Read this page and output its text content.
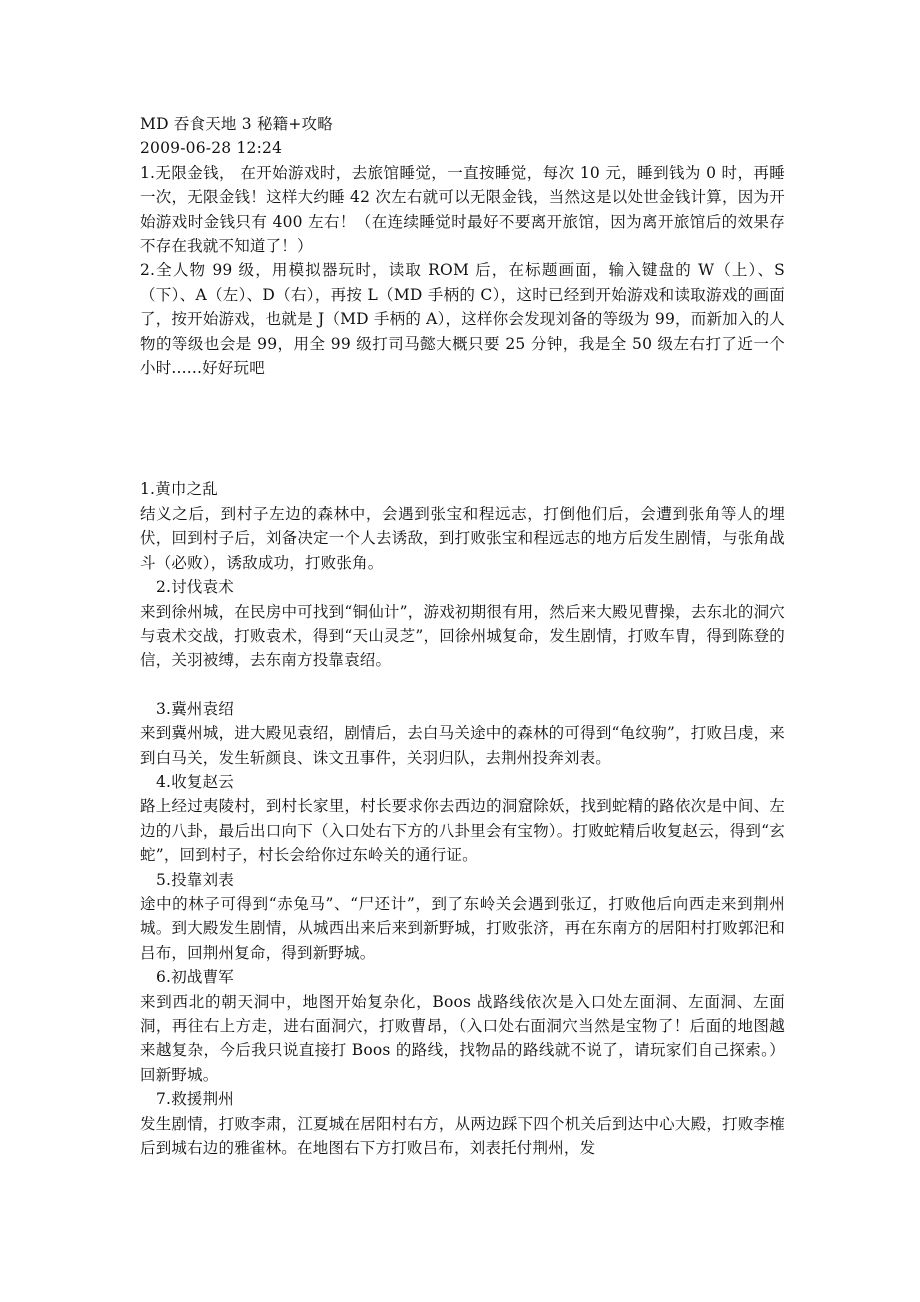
MD 吞食天地 3 秘籍+攻略
2009-06-28 12:24
1.无限金钱， 在开始游戏时，去旅馆睡觉，一直按睡觉，每次 10 元，睡到钱为 0 时，再睡一次，无限金钱！这样大约睡 42 次左右就可以无限金钱，当然这是以处世金钱计算，因为开始游戏时金钱只有 400 左右！（在连续睡觉时最好不要离开旅馆，因为离开旅馆后的效果存不存在我就不知道了！）
2.全人物 99 级，用模拟器玩时，读取 ROM 后，在标题画面，输入键盘的 W（上）、S（下）、A（左）、D（右），再按 L（MD 手柄的 C），这时已经到开始游戏和读取游戏的画面了，按开始游戏，也就是 J（MD 手柄的 A），这样你会发现刘备的等级为 99，而新加入的人物的等级也会是 99，用全 99 级打司马懿大概只要 25 分钟，我是全 50 级左右打了近一个小时......好好玩吧
1.黄巾之乱
结义之后，到村子左边的森林中，会遇到张宝和程远志，打倒他们后，会遭到张角等人的埋伏，回到村子后，刘备决定一个人去诱敌，到打败张宝和程远志的地方后发生剧情，与张角战斗（必败），诱敌成功，打败张角。
2.讨伐袁术
来到徐州城，在民房中可找到“铜仙计”，游戏初期很有用，然后来大殿见曹操，去东北的洞穴与袁术交战，打败袁术，得到“天山灵芝”，回徐州城复命，发生剧情，打败车胄，得到陈登的信，关羽被缚，去东南方投靠袁绍。
3.冀州袁绍
来到冀州城，进大殿见袁绍，剧情后，去白马关途中的森林的可得到“龟纹驹”，打败吕虔，来到白马关，发生斩颜良、诛文丑事件，关羽归队，去荆州投奔刘表。
4.收复赵云
路上经过夷陵村，到村长家里，村长要求你去西边的洞窟除妖，找到蛇精的路依次是中间、左边的八卦，最后出口向下（入口处右下方的八卦里会有宝物）。打败蛇精后收复赵云，得到“玄蛇”，回到村子，村长会给你过东岭关的通行证。
5.投靠刘表
途中的林子可得到“赤兔马”、“尸还计”，到了东岭关会遇到张辽，打败他后向西走来到荆州城。到大殿发生剧情，从城西出来后来到新野城，打败张济，再在东南方的居阳村打败郭汜和吕布，回荆州复命，得到新野城。
6.初战曹军
来到西北的朝天洞中，地图开始复杂化，Boos 战路线依次是入口处左面洞、左面洞、左面洞，再往右上方走，进右面洞穴，打败曹昂，（入口处右面洞穴当然是宝物了！后面的地图越来越复杂，今后我只说直接打 Boos 的路线，找物品的路线就不说了，请玩家们自己探索。）回新野城。
7.救援荆州
发生剧情，打败李肃，江夏城在居阳村右方，从两边踩下四个机关后到达中心大殿，打败李榷后到城右边的雅雀林。在地图右下方打败吕布，刘表托付荆州，发
